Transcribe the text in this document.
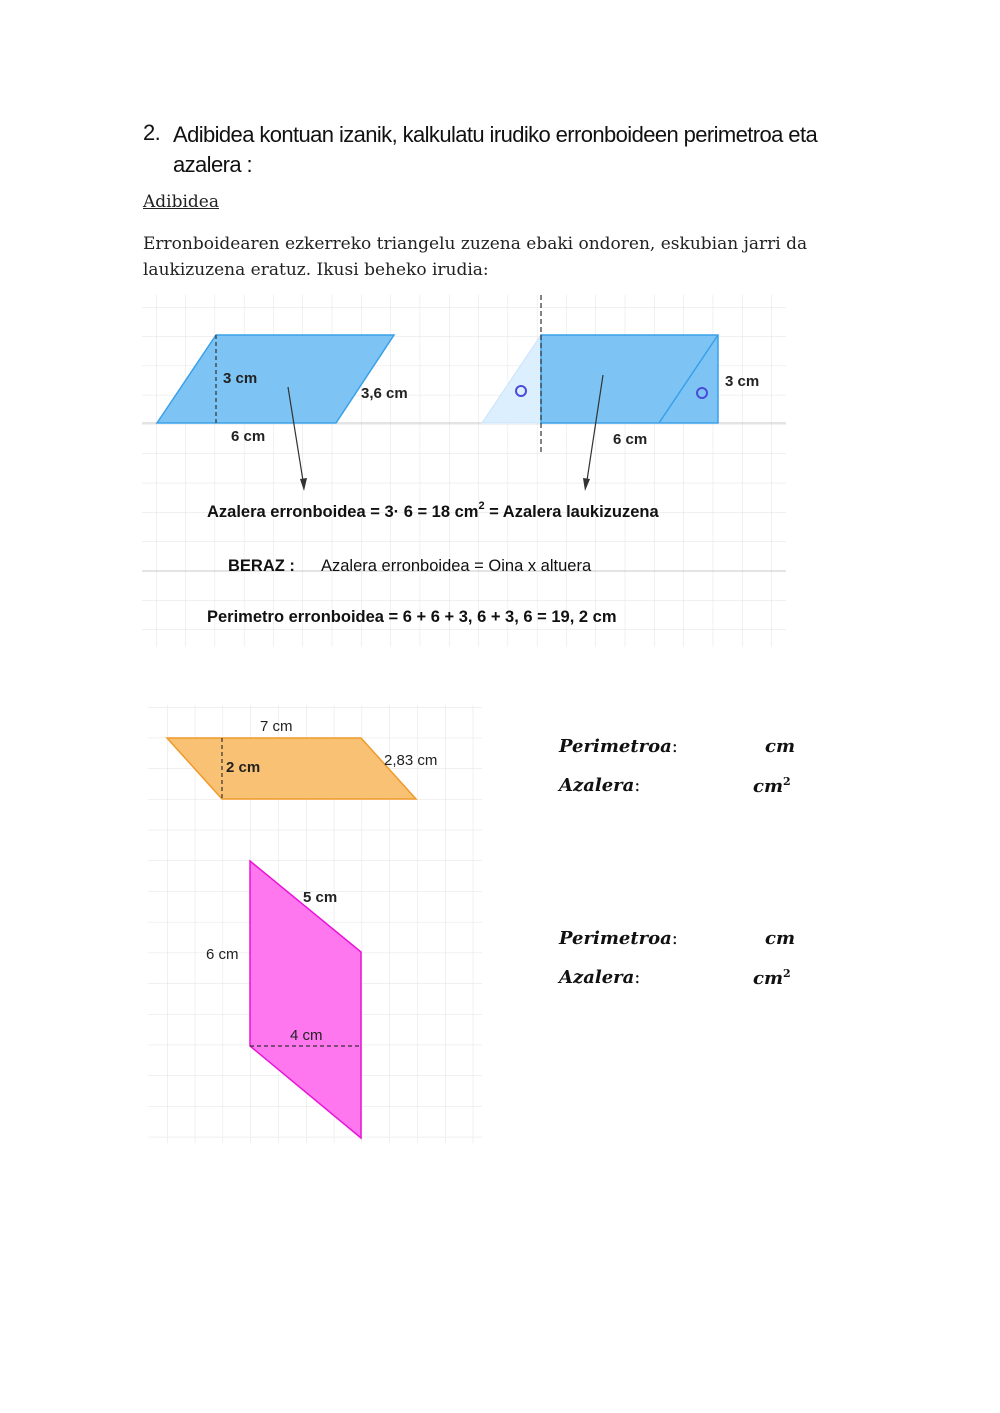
2. Adibidea kontuan izanik, kalkulatu irudiko erronboideen perimetroa eta azalera :
Adibidea
Erronboidearen ezkerreko triangelu zuzena ebaki ondoren, eskubian jarri da laukizuzena eratuz. Ikusi beheko irudia:
3 cm
3,6 cm
6 cm
3 cm
6 cm
Azalera erronboidea = 3· 6 = 18 $cm^2$ = Azalera laukizuzena
BERAZ : Azalera erronboidea = Oina x altuera
Perimetro erronboidea = 6 + 6 + 3, 6 + 3, 6 = 19, 2 cm
7 cm
2 cm	2,83 cm
5 cm
6 cm
4 cm
Perimetroa:	cm
Azalera:	$cm^2$
Perimetroa:	cm
Azalera:	$cm^2$
